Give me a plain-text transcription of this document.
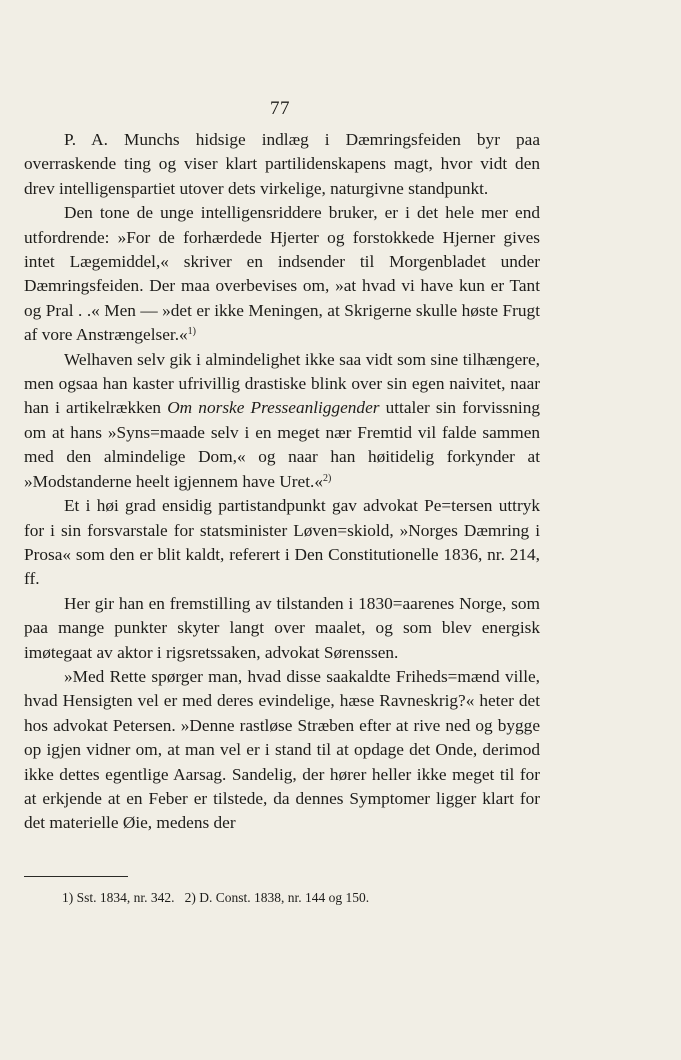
77

P. A. Munchs hidsige indlæg i Dæmringsfeiden byr paa overraskende ting og viser klart partilidenskapens magt, hvor vidt den drev intelligenspartiet utover dets virkelige, naturgivne standpunkt.

Den tone de unge intelligensriddere bruker, er i det hele mer end utfordrende: »For de forhærdede Hjerter og forstokkede Hjerner gives intet Lægemiddel,« skriver en indsender til Morgenbladet under Dæmringsfeiden. Der maa overbevises om, »at hvad vi have kun er Tant og Pral . .« Men — »det er ikke Meningen, at Skrigerne skulle høste Frugt af vore Anstrængelser.«$^{1)}$

Welhaven selv gik i almindelighet ikke saa vidt som sine tilhængere, men ogsaa han kaster ufrivillig drastiske blink over sin egen naivitet, naar han i artikelrækken Om norske Presseanliggender uttaler sin forvissning om at hans »Syns=maade selv i en meget nær Fremtid vil falde sammen med den almindelige Dom,« og naar han høitidelig forkynder at »Modstanderne heelt igjennem have Uret.«$^{2)}$

Et i høi grad ensidig partistandpunkt gav advokat Pe=tersen uttryk for i sin forsvarstale for statsminister Løven=skiold, »Norges Dæmring i Prosa« som den er blit kaldt, referert i Den Constitutionelle 1836, nr. 214, ff.

Her gir han en fremstilling av tilstanden i 1830=aarenes Norge, som paa mange punkter skyter langt over maalet, og som blev energisk imøtegaat av aktor i rigsretssaken, advokat Sørenssen.

»Med Rette spørger man, hvad disse saakaldte Friheds=mænd ville, hvad Hensigten vel er med deres evindelige, hæse Ravneskrig?« heter det hos advokat Petersen. »Denne rastløse Stræben efter at rive ned og bygge op igjen vidner om, at man vel er i stand til at opdage det Onde, derimod ikke dettes egentlige Aarsag. Sandelig, der hører heller ikke meget til for at erkjende at en Feber er tilstede, da dennes Symptomer ligger klart for det materielle Øie, medens der

1) Sst. 1834, nr. 342. 2) D. Const. 1838, nr. 144 og 150.
